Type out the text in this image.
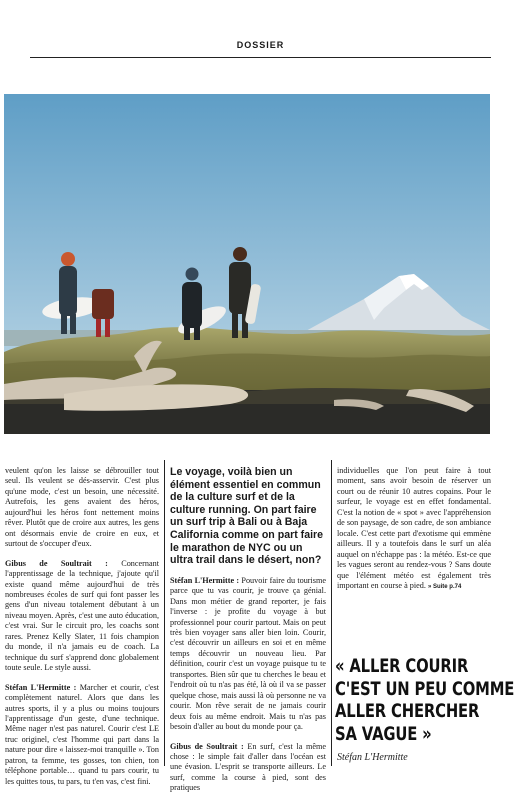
DOSSIER

veulent qu'on les laisse se débrouiller tout seul. Ils veulent se dés-asservir. C'est plus qu'une mode, c'est un besoin, une nécessité. Autrefois, les gens avaient des héros, aujourd'hui les héros font nettement moins rêver. Plutôt que de croire aux autres, les gens ont désormais envie de croire en eux, et surtout de s'occuper d'eux.

Gibus de Soultrait : Concernant l'apprentissage de la technique, j'ajoute qu'il existe quand même aujourd'hui de très nombreuses écoles de surf qui font passer les gens d'un niveau totalement débutant à un niveau moyen. Après, c'est une auto éducation, c'est vrai. Sur le circuit pro, les coachs sont rares. Prenez Kelly Slater, 11 fois champion du monde, il n'a jamais eu de coach. La technique du surf s'apprend donc globalement toute seule. Le style aussi.

Stéfan L'Hermitte : Marcher et courir, c'est complètement naturel. Alors que dans les autres sports, il y a plus ou moins toujours l'apprentissage d'un geste, d'une technique. Même nager n'est pas naturel. Courir c'est LE truc originel, c'est l'homme qui part dans la nature pour dire « laissez-moi tranquille ». Ton patron, ta femme, tes gosses, ton chien, ton téléphone portable… quand tu pars courir, tu les quittes tous, tu pars, tu t'en vas, c'est fini.

Le voyage, voilà bien un élément essentiel en commun de la culture surf et de la culture running. On part faire un surf trip à Bali ou à Baja California comme on part faire le marathon de NYC ou un ultra trail dans le désert, non?

Stéfan L'Hermitte : Pouvoir faire du tourisme parce que tu vas courir, je trouve ça génial. Dans mon métier de grand reporter, je fais l'inverse : je profite du voyage à but professionnel pour courir partout. Mais on peut très bien voyager sans aller bien loin. Courir, c'est découvrir un ailleurs en soi et en même temps découvrir un nouveau lieu. Par définition, courir c'est un voyage puisque tu te transportes. Bien sûr que tu cherches le beau et l'endroit où tu n'as pas été, là où il va se passer quelque chose, mais aussi là où personne ne va courir. Mon rêve serait de ne jamais courir deux fois au même endroit. Mais tu n'as pas besoin d'aller au bout du monde pour ça.

Gibus de Soultrait : En surf, c'est la même chose : le simple fait d'aller dans l'océan est une évasion. L'esprit se transporte ailleurs. Le surf, comme la course à pied, sont des pratiques

individuelles que l'on peut faire à tout moment, sans avoir besoin de réserver un court ou de réunir 10 autres copains. Pour le surfeur, le voyage est en effet fondamental. C'est la notion de « spot » avec l'appréhension de son paysage, de son cadre, de son ambiance locale. C'est cette part d'exotisme qui emmène ailleurs. Il y a toutefois dans le surf un aléa auquel on n'échappe pas : la météo. Est-ce que les vagues seront au rendez-vous ? Sans doute que l'élément météo est également très important en course à pied. » Suite p.74

« ALLER COURIR
C'EST UN PEU COMME
ALLER CHERCHER
SA VAGUE »
Stéfan L'Hermitte
